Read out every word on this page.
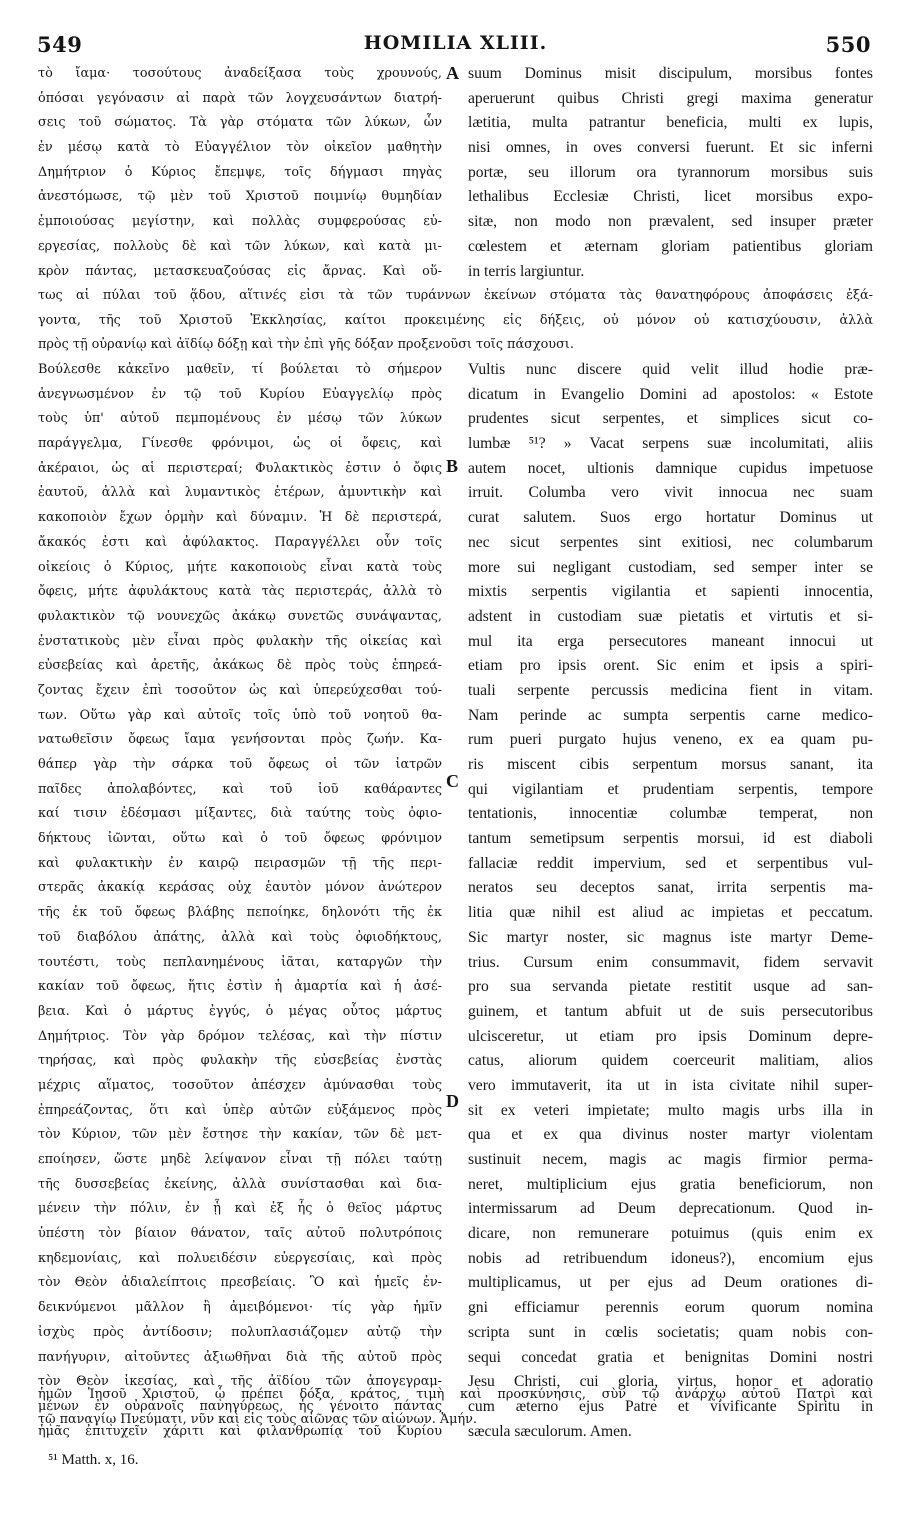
HOMILIA XLIII.
549	550
τὸ ἴαμα· τοσούτους ἀναδείξασα τοὺς χρουνούς,
ὁπόσαι γεγόνασιν αἱ παρὰ τῶν λογχευσάντων διατρή-
σεις τοῦ σώματος. Τὰ γὰρ στόματα τῶν λύκων, ὧν
ἐν μέσῳ κατὰ τὸ Εὐαγγέλιον τὸν οἰκεῖον μαθητὴν
Δημήτριον ὁ Κύριος ἔπεμψε, τοῖς δήγμασι πηγὰς
ἀνεστόμωσε, τῷ μὲν τοῦ Χριστοῦ ποιμνίῳ θυμηδίαν
ἐμποιούσας μεγίστην, καὶ πολλὰς συμφερούσας εὐ-
εργεσίας, πολλοὺς δὲ καὶ τῶν λύκων, καὶ κατὰ μι-
κρὸν πάντας, μετασκευαζούσας εἰς ἄρνας. Καὶ οὕ-
suum Dominus misit discipulum, morsibus fontes
aperuerunt quibus Christi gregi maxima generatur
lætitia, multa patrantur beneficia, multi ex lupis,
nisi omnes, in oves conversi fuerunt. Et sic inferni
portæ, seu illorum ora tyrannorum morsibus suis
lethalibus Ecclesiæ Christi, licet morsibus expo-
sitæ, non modo non prævalent, sed insuper præter
cœlestem et æternam gloriam patientibus gloriam
in terris largiuntur.
τως αἱ πύλαι τοῦ ᾅδου, αἵτινές εἰσι τὰ τῶν τυράννων ἐκείνων στόματα τὰς θανατηφόρους ἀποφάσεις ἐξά-
γοντα, τῆς τοῦ Χριστοῦ Ἐκκλησίας, καίτοι προκειμένης εἰς δήξεις, οὐ μόνον οὐ κατισχύουσιν, ἀλλὰ
πρὸς τῇ οὐρανίῳ καὶ ἀϊδίῳ δόξῃ καὶ τὴν ἐπὶ γῆς δόξαν προξενοῦσι τοῖς πάσχουσι.
Βούλεσθε κἀκεῖνο μαθεῖν, τί βούλεται τὸ σήμερον
ἀνεγνωσμένον ἐν τῷ τοῦ Κυρίου Εὐαγγελίῳ πρὸς
τοὺς ὑπ' αὐτοῦ πεμπομένους ἐν μέσῳ τῶν λύκων
παράγγελμα, Γίνεσθε φρόνιμοι, ὡς οἱ ὄφεις, καὶ
ἀκέραιοι, ὡς αἱ περιστεραί; Φυλακτικὸς ἐστιν ὁ ὄφις
ἑαυτοῦ, ἀλλὰ καὶ λυμαντικὸς ἑτέρων, ἀμυντικὴν καὶ
κακοποιὸν ἔχων ὁρμὴν καὶ δύναμιν. Ἡ δὲ περιστερά,
ἄκακός ἐστι καὶ ἀφύλακτος. Παραγγέλλει οὖν τοῖς
οἰκείοις ὁ Κύριος, μήτε κακοποιοὺς εἶναι κατὰ τοὺς
ὄφεις, μήτε ἀφυλάκτους κατὰ τὰς περιστεράς, ἀλλὰ τὸ
φυλακτικὸν τῷ νουνεχῶς ἀκάκῳ συνετῶς συνάψαντας,
ἐνστατικοὺς μὲν εἶναι πρὸς φυλακὴν τῆς οἰκείας καὶ
εὐσεβείας καὶ ἀρετῆς, ἀκάκως δὲ πρὸς τοὺς ἐπηρεά-
ζοντας ἔχειν ἐπὶ τοσοῦτον ὡς καὶ ὑπερεύχεσθαι τού-
των. Οὕτω γὰρ καὶ αὐτοῖς τοῖς ὑπὸ τοῦ νοητοῦ θα-
νατωθεῖσιν ὄφεως ἴαμα γενήσονται πρὸς ζωήν. Κα-
θάπερ γὰρ τὴν σάρκα τοῦ ὄφεως οἱ τῶν ἰατρῶν
παῖδες ἀπολαβόντες, καὶ τοῦ ἰοῦ καθάραντες
καί τισιν ἐδέσμασι μίξαντες, διὰ ταύτης τοὺς ὀφιο-
δήκτους ἰῶνται, οὕτω καὶ ὁ τοῦ ὄφεως φρόνιμον
καὶ φυλακτικὴν ἐν καιρῷ πειρασμῶν τῇ τῆς περι-
στερᾶς ἀκακίᾳ κεράσας οὐχ ἑαυτὸν μόνον ἀνώτερον
τῆς ἐκ τοῦ ὄφεως βλάβης πεποίηκε, δηλονότι τῆς ἐκ
τοῦ διαβόλου ἀπάτης, ἀλλὰ καὶ τοὺς ὀφιοδήκτους,
τουτέστι, τοὺς πεπλανημένους ἰᾶται, καταργῶν τὴν
κακίαν τοῦ ὄφεως, ἥτις ἐστὶν ἡ ἁμαρτία καὶ ἡ ἀσέ-
βεια. Καὶ ὁ μάρτυς ἐγγύς, ὁ μέγας οὗτος μάρτυς
Δημήτριος. Τὸν γὰρ δρόμον τελέσας, καὶ τὴν πίστιν
τηρήσας, καὶ πρὸς φυλακὴν τῆς εὐσεβείας ἐνστὰς
μέχρις αἵματος, τοσοῦτον ἀπέσχεν ἀμύνασθαι τοὺς
ἐπηρεάζοντας, ὅτι καὶ ὑπὲρ αὐτῶν εὐξάμενος πρὸς
τὸν Κύριον, τῶν μὲν ἔστησε τὴν κακίαν, τῶν δὲ μετ-
εποίησεν, ὥστε μηδὲ λείψανον εἶναι τῇ πόλει ταύτῃ
τῆς δυσσεβείας ἐκείνης, ἀλλὰ συνίστασθαι καὶ δια-
μένειν τὴν πόλιν, ἐν ᾗ καὶ ἐξ ἧς ὁ θεῖος μάρτυς
ὑπέστη τὸν βίαιον θάνατον, ταῖς αὐτοῦ πολυτρόποις
κηδεμονίαις, καὶ πολυειδέσιν εὐεργεσίαις, καὶ πρὸς
τὸν Θεὸν ἀδιαλείπτοις πρεσβείαις. Ὃ καὶ ἡμεῖς ἐν-
δεικνύμενοι μᾶλλον ἢ ἀμειβόμενοι· τίς γὰρ ἡμῖν
ἰσχὺς πρὸς ἀντίδοσιν; πολυπλασιάζομεν αὐτῷ τὴν
πανήγυριν, αἰτοῦντες ἀξιωθῆναι διὰ τῆς αὐτοῦ πρὸς
τὸν Θεὸν ἱκεσίας, καὶ τῆς ἀϊδίου τῶν ἀπογεγραμ-
μένων ἐν οὐρανοῖς πανηγύρεως, ἧς γένοιτο πάντας
ἡμᾶς ἐπιτυχεῖν χάριτι καὶ φιλανθρωπίᾳ τοῦ Κυρίου
Vultis nunc discere quid velit illud hodie præ-
dicatum in Evangelio Domini ad apostolos: « Estote
prudentes sicut serpentes, et simplices sicut co-
lumbæ ⁵¹? » Vacat serpens suæ incolumitati, aliis
autem nocet, ultionis damnique cupidus impetuose
irruit. Columba vero vivit innocua nec suam
curat salutem. Suos ergo hortatur Dominus ut
nec sicut serpentes sint exitiosi, nec columbarum
more sui negligant custodiam, sed semper inter se
mixtis serpentis vigilantia et sapienti innocentia,
adstent in custodiam suæ pietatis et virtutis et si-
mul ita erga persecutores maneant innocui ut
etiam pro ipsis orent. Sic enim et ipsis a spiri-
tuali serpente percussis medicina fient in vitam.
Nam perinde ac sumpta serpentis carne medico-
rum pueri purgato hujus veneno, ex ea quam pu-
ris miscent cibis serpentum morsus sanant, ita
qui vigilantiam et prudentiam serpentis, tempore
tentationis, innocentiæ columbæ temperat, non
tantum semetipsum serpentis morsui, id est diaboli
fallaciæ reddit impervium, sed et serpentibus vul-
neratos seu deceptos sanat, irrita serpentis ma-
litia quæ nihil est aliud ac impietas et peccatum.
Sic martyr noster, sic magnus iste martyr Deme-
trius. Cursum enim consummavit, fidem servavit
pro sua servanda pietate restitit usque ad san-
guinem, et tantum abfuit ut de suis persecutoribus
ulcisceretur, ut etiam pro ipsis Dominum depre-
catus, aliorum quidem coerceurit malitiam, alios
vero immutaverit, ita ut in ista civitate nihil super-
sit ex veteri impietate; multo magis urbs illa in
qua et ex qua divinus noster martyr violentam
sustinuit necem, magis ac magis firmior perma-
neret, multiplicium ejus gratia beneficiorum, non
intermissarum ad Deum deprecationum. Quod in-
dicare, non remunerare potuimus (quis enim ex
nobis ad retribuendum idoneus?), encomium ejus
multiplicamus, ut per ejus ad Deum orationes di-
gni efficiamur perennis eorum quorum nomina
scripta sunt in cœlis societatis; quam nobis con-
sequi concedat gratia et benignitas Domini nostri
Jesu Christi, cui gloria, virtus, honor et adoratio
cum æterno ejus Patre et vivificante Spiritu in
sæcula sæculorum. Amen.
ἡμῶν Ἰησοῦ Χριστοῦ, ᾧ πρέπει δόξα, κράτος, τιμὴ καὶ προσκύνησις, σὺν τῷ ἀνάρχῳ αὐτοῦ Πατρὶ καὶ
τῷ παναγίῳ Πνεύματι, νῦν καὶ εἰς τοὺς αἰῶνας τῶν αἰώνων. Ἀμήν.
A
B
C
D
⁵¹ Matth. x, 16.
